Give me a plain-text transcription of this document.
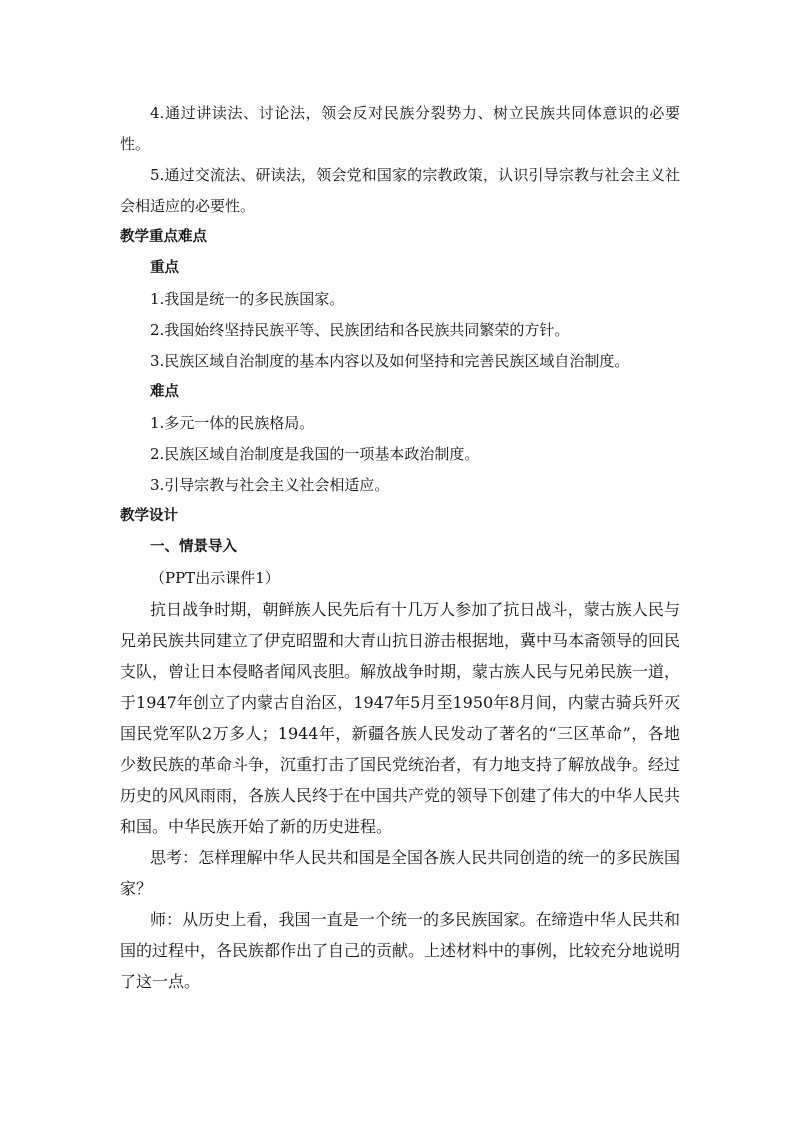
4.通过讲读法、讨论法，领会反对民族分裂势力、树立民族共同体意识的必要性。

5.通过交流法、研读法，领会党和国家的宗教政策，认识引导宗教与社会主义社会相适应的必要性。

教学重点难点

重点

1.我国是统一的多民族国家。

2.我国始终坚持民族平等、民族团结和各民族共同繁荣的方针。

3.民族区域自治制度的基本内容以及如何坚持和完善民族区域自治制度。

难点

1.多元一体的民族格局。

2.民族区域自治制度是我国的一项基本政治制度。

3.引导宗教与社会主义社会相适应。

教学设计

一、情景导入

（PPT出示课件1）

抗日战争时期，朝鲜族人民先后有十几万人参加了抗日战斗，蒙古族人民与兄弟民族共同建立了伊克昭盟和大青山抗日游击根据地，冀中马本斋领导的回民支队，曾让日本侵略者闻风丧胆。解放战争时期，蒙古族人民与兄弟民族一道，于1947年创立了内蒙古自治区，1947年5月至1950年8月间，内蒙古骑兵歼灭国民党军队2万多人；1944年，新疆各族人民发动了著名的“三区革命”，各地少数民族的革命斗争，沉重打击了国民党统治者，有力地支持了解放战争。经过历史的风风雨雨，各族人民终于在中国共产党的领导下创建了伟大的中华人民共和国。中华民族开始了新的历史进程。

思考：怎样理解中华人民共和国是全国各族人民共同创造的统一的多民族国家？

师：从历史上看，我国一直是一个统一的多民族国家。在缔造中华人民共和国的过程中，各民族都作出了自己的贡献。上述材料中的事例，比较充分地说明了这一点。
